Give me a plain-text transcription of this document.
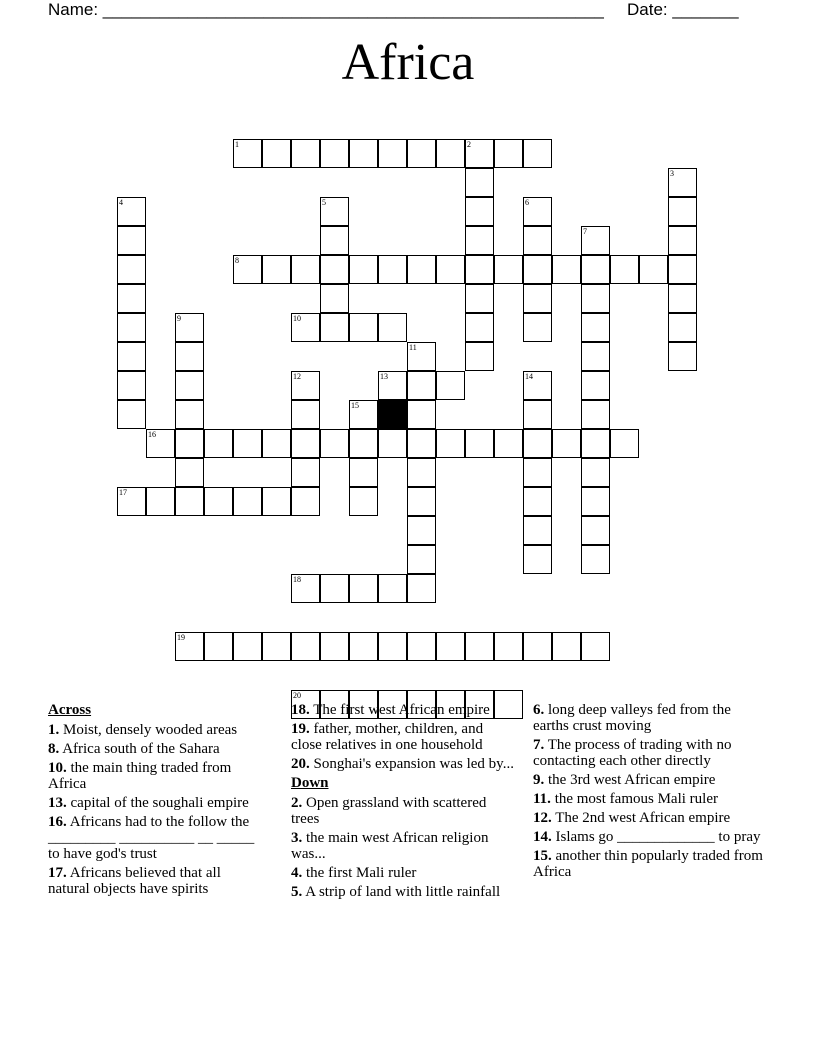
Name: _____________________________________________________ Date: _______
Africa
1	2
3
4	5	6
7
8
9	10
11
12	13	14
15
16
17
18
19
20
Across
1. Moist, densely wooded areas
8. Africa south of the Sahara
10. the main thing traded from Africa
13. capital of the soughali empire
16. Africans had to the follow the _________ __________ __ _____ to have god's trust
17. Africans believed that all natural objects have spirits
18. The first west African empire
19. father, mother, children, and close relatives in one household
20. Songhai's expansion was led by...
Down
2. Open grassland with scattered trees
3. the main west African religion was...
4. the first Mali ruler
5. A strip of land with little rainfall
6. long deep valleys fed from the earths crust moving
7. The process of trading with no contacting each other directly
9. the 3rd west African empire
11. the most famous Mali ruler
12. The 2nd west African empire
14. Islams go _____________ to pray
15. another thin popularly traded from Africa
